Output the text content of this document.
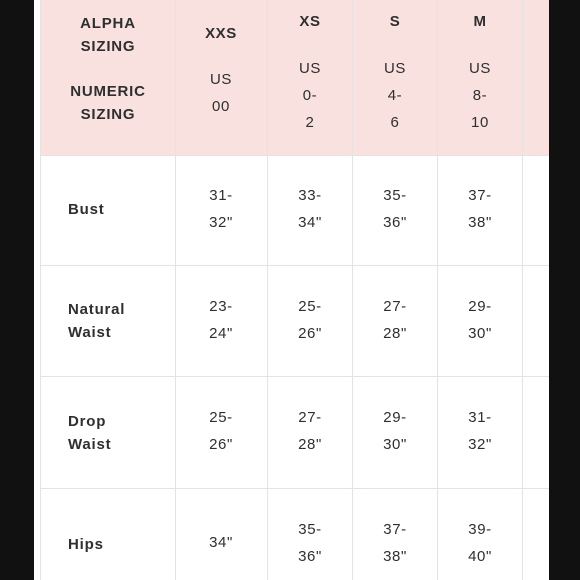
ALPHA
SIZING
NUMERIC
SIZING
XXS
US
00
XS
US
0-
2
S
US
4-
6
M
US
8-
10
Bust
31-
32"
33-
34"
35-
36"
37-
38"
Natural
Waist
23-
24"
25-
26"
27-
28"
29-
30"
Drop
Waist
25-
26"
27-
28"
29-
30"
31-
32"
Hips	34"
35-
36"
37-
38"
39-
40"
